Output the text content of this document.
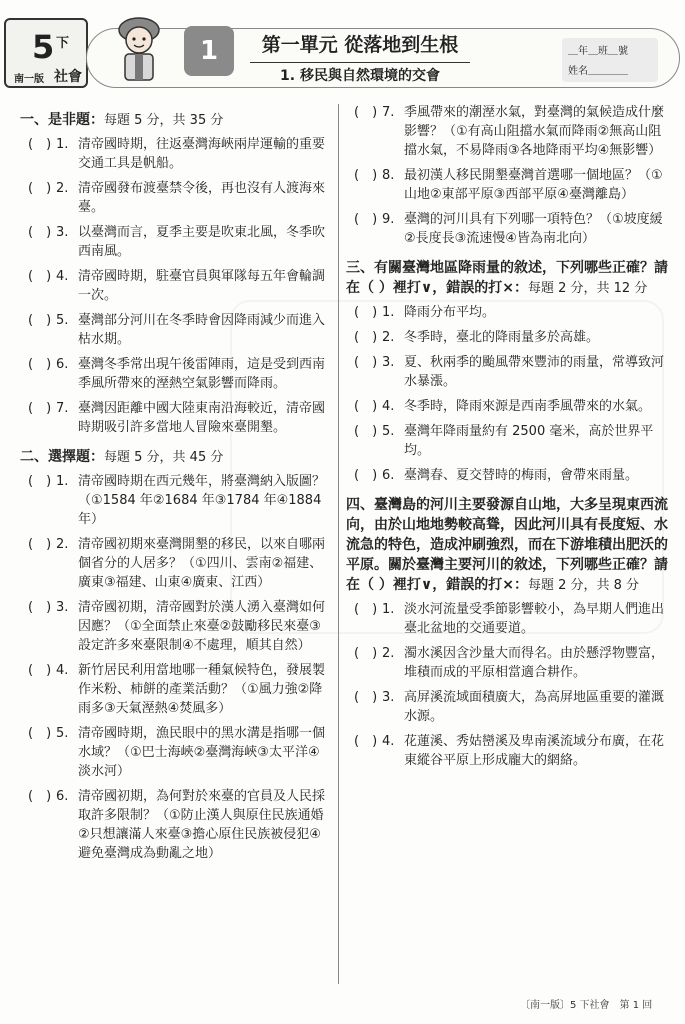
5 下
南一版 社會
1	第一單元 從落地到生根
1. 移民與自然環境的交會
＿年＿班＿號
姓名＿＿＿＿
一、是非題：每題 5 分，共 35 分
(　) 1. 清帝國時期，往返臺灣海峽兩岸運輸的重要交通工具是帆船。
(　) 2. 清帝國發布渡臺禁令後，再也沒有人渡海來臺。
(　) 3. 以臺灣而言，夏季主要是吹東北風，冬季吹西南風。
(　) 4. 清帝國時期，駐臺官員與軍隊每五年會輪調一次。
(　) 5. 臺灣部分河川在冬季時會因降雨減少而進入枯水期。
(　) 6. 臺灣冬季常出現午後雷陣雨，這是受到西南季風所帶來的溼熱空氣影響而降雨。
(　) 7. 臺灣因距離中國大陸東南沿海較近，清帝國時期吸引許多當地人冒險來臺開墾。
二、選擇題：每題 5 分，共 45 分
(　) 1. 清帝國時期在西元幾年，將臺灣納入版圖？（①1584 年②1684 年③1784 年④1884 年）
(　) 2. 清帝國初期來臺灣開墾的移民，以來自哪兩個省分的人居多？（①四川、雲南②福建、廣東③福建、山東④廣東、江西）
(　) 3. 清帝國初期，清帝國對於漢人湧入臺灣如何因應？（①全面禁止來臺②鼓勵移民來臺③設定許多來臺限制④不處理，順其自然）
(　) 4. 新竹居民利用當地哪一種氣候特色，發展製作米粉、柿餅的產業活動？（①風力強②降雨多③天氣溼熱④焚風多）
(　) 5. 清帝國時期，漁民眼中的黑水溝是指哪一個水域？（①巴士海峽②臺灣海峽③太平洋④淡水河）
(　) 6. 清帝國初期，為何對於來臺的官員及人民採取許多限制？（①防止漢人與原住民族通婚②只想讓滿人來臺③擔心原住民族被侵犯④避免臺灣成為動亂之地）
(　) 7. 季風帶來的潮溼水氣，對臺灣的氣候造成什麼影響？（①有高山阻擋水氣而降雨②無高山阻擋水氣，不易降雨③各地降雨平均④無影響）
(　) 8. 最初漢人移民開墾臺灣首選哪一個地區？（①山地②東部平原③西部平原④臺灣離島）
(　) 9. 臺灣的河川具有下列哪一項特色？（①坡度緩②長度長③流速慢④皆為南北向）
三、有關臺灣地區降雨量的敘述，下列哪些正確？請在（ ）裡打∨，錯誤的打×：每題 2 分，共 12 分
(　) 1. 降雨分布平均。
(　) 2. 冬季時，臺北的降雨量多於高雄。
(　) 3. 夏、秋兩季的颱風帶來豐沛的雨量，常導致河水暴漲。
(　) 4. 冬季時，降雨來源是西南季風帶來的水氣。
(　) 5. 臺灣年降雨量約有 2500 毫米，高於世界平均。
(　) 6. 臺灣春、夏交替時的梅雨，會帶來雨量。
四、臺灣島的河川主要發源自山地，大多呈現東西流向，由於山地地勢較高聳，因此河川具有長度短、水流急的特色，造成沖刷強烈，而在下游堆積出肥沃的平原。關於臺灣主要河川的敘述，下列哪些正確？請在（ ）裡打∨，錯誤的打×：每題 2 分，共 8 分
(　) 1. 淡水河流量受季節影響較小，為早期人們進出臺北盆地的交通要道。
(　) 2. 濁水溪因含沙量大而得名。由於懸浮物豐富，堆積而成的平原相當適合耕作。
(　) 3. 高屏溪流域面積廣大，為高屏地區重要的灌溉水源。
(　) 4. 花蓮溪、秀姑巒溪及卑南溪流域分布廣，在花東縱谷平原上形成龐大的網絡。
〔南一版〕5 下社會　第 1 回
